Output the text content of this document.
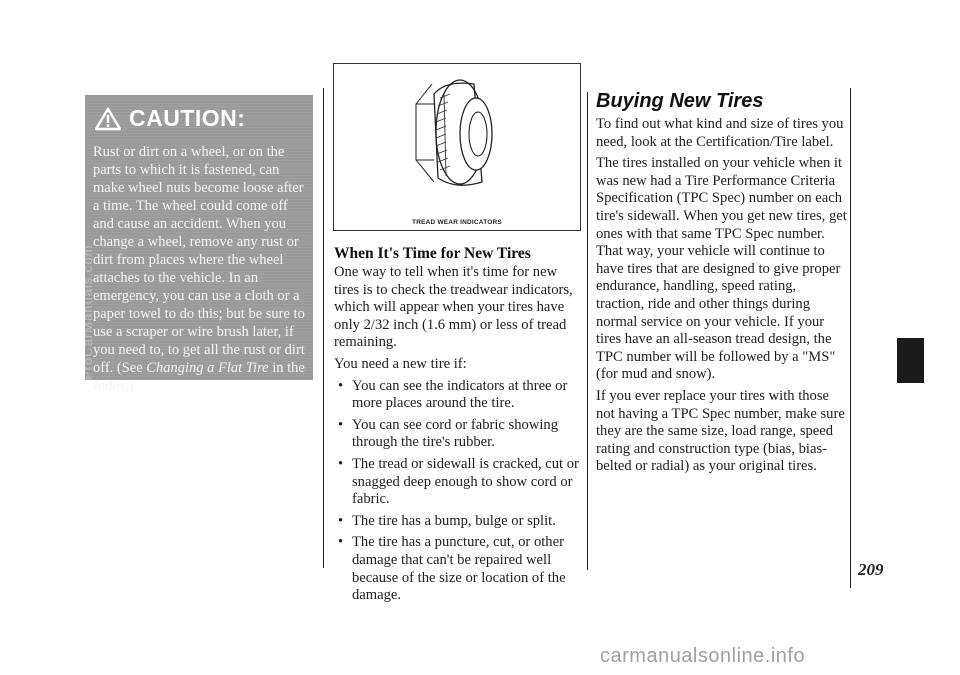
CAUTION:
Rust or dirt on a wheel, or on the parts to which it is fastened, can make wheel nuts become loose after a time. The wheel could come off and cause an accident. When you change a wheel, remove any rust or dirt from places where the wheel attaches to the vehicle. In an emergency, you can use a cloth or a paper towel to do this; but be sure to use a scraper or wire brush later, if you need to, to get all the rust or dirt off. (See Changing a Flat Tire in the Index.)
ProCarManuals.com
TREAD WEAR INDICATORS
When It's Time for New Tires

One way to tell when it's time for new tires is to check the treadwear indicators, which will appear when your tires have only 2/32 inch (1.6 mm) or less of tread remaining.

You need a new tire if:

• You can see the indicators at three or more places around the tire.
• You can see cord or fabric showing through the tire's rubber.
• The tread or sidewall is cracked, cut or snagged deep enough to show cord or fabric.
• The tire has a bump, bulge or split.
• The tire has a puncture, cut, or other damage that can't be repaired well because of the size or location of the damage.
Buying New Tires

To find out what kind and size of tires you need, look at the Certification/Tire label.

The tires installed on your vehicle when it was new had a Tire Performance Criteria Specification (TPC Spec) number on each tire's sidewall. When you get new tires, get ones with that same TPC Spec number. That way, your vehicle will continue to have tires that are designed to give proper endurance, handling, speed rating, traction, ride and other things during normal service on your vehicle. If your tires have an all-season tread design, the TPC number will be followed by a "MS" (for mud and snow).

If you ever replace your tires with those not having a TPC Spec number, make sure they are the same size, load range, speed rating and construction type (bias, bias-belted or radial) as your original tires.

209
carmanualsonline.info
